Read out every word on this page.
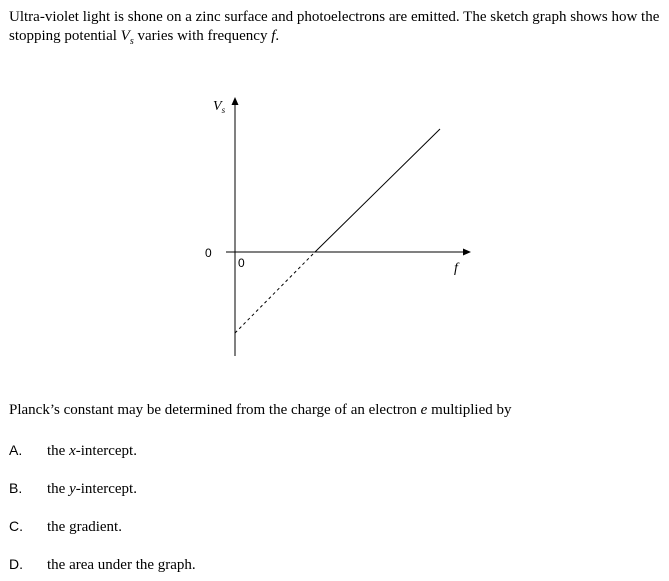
Ultra-violet light is shone on a zinc surface and photoelectrons are emitted. The sketch graph shows how the stopping potential $V_s$ varies with frequency f.
$V_s$
f
0
0
Planck’s constant may be determined from the charge of an electron e multiplied by
A. the x-intercept.
B. the y-intercept.
C. the gradient.
D. the area under the graph.
